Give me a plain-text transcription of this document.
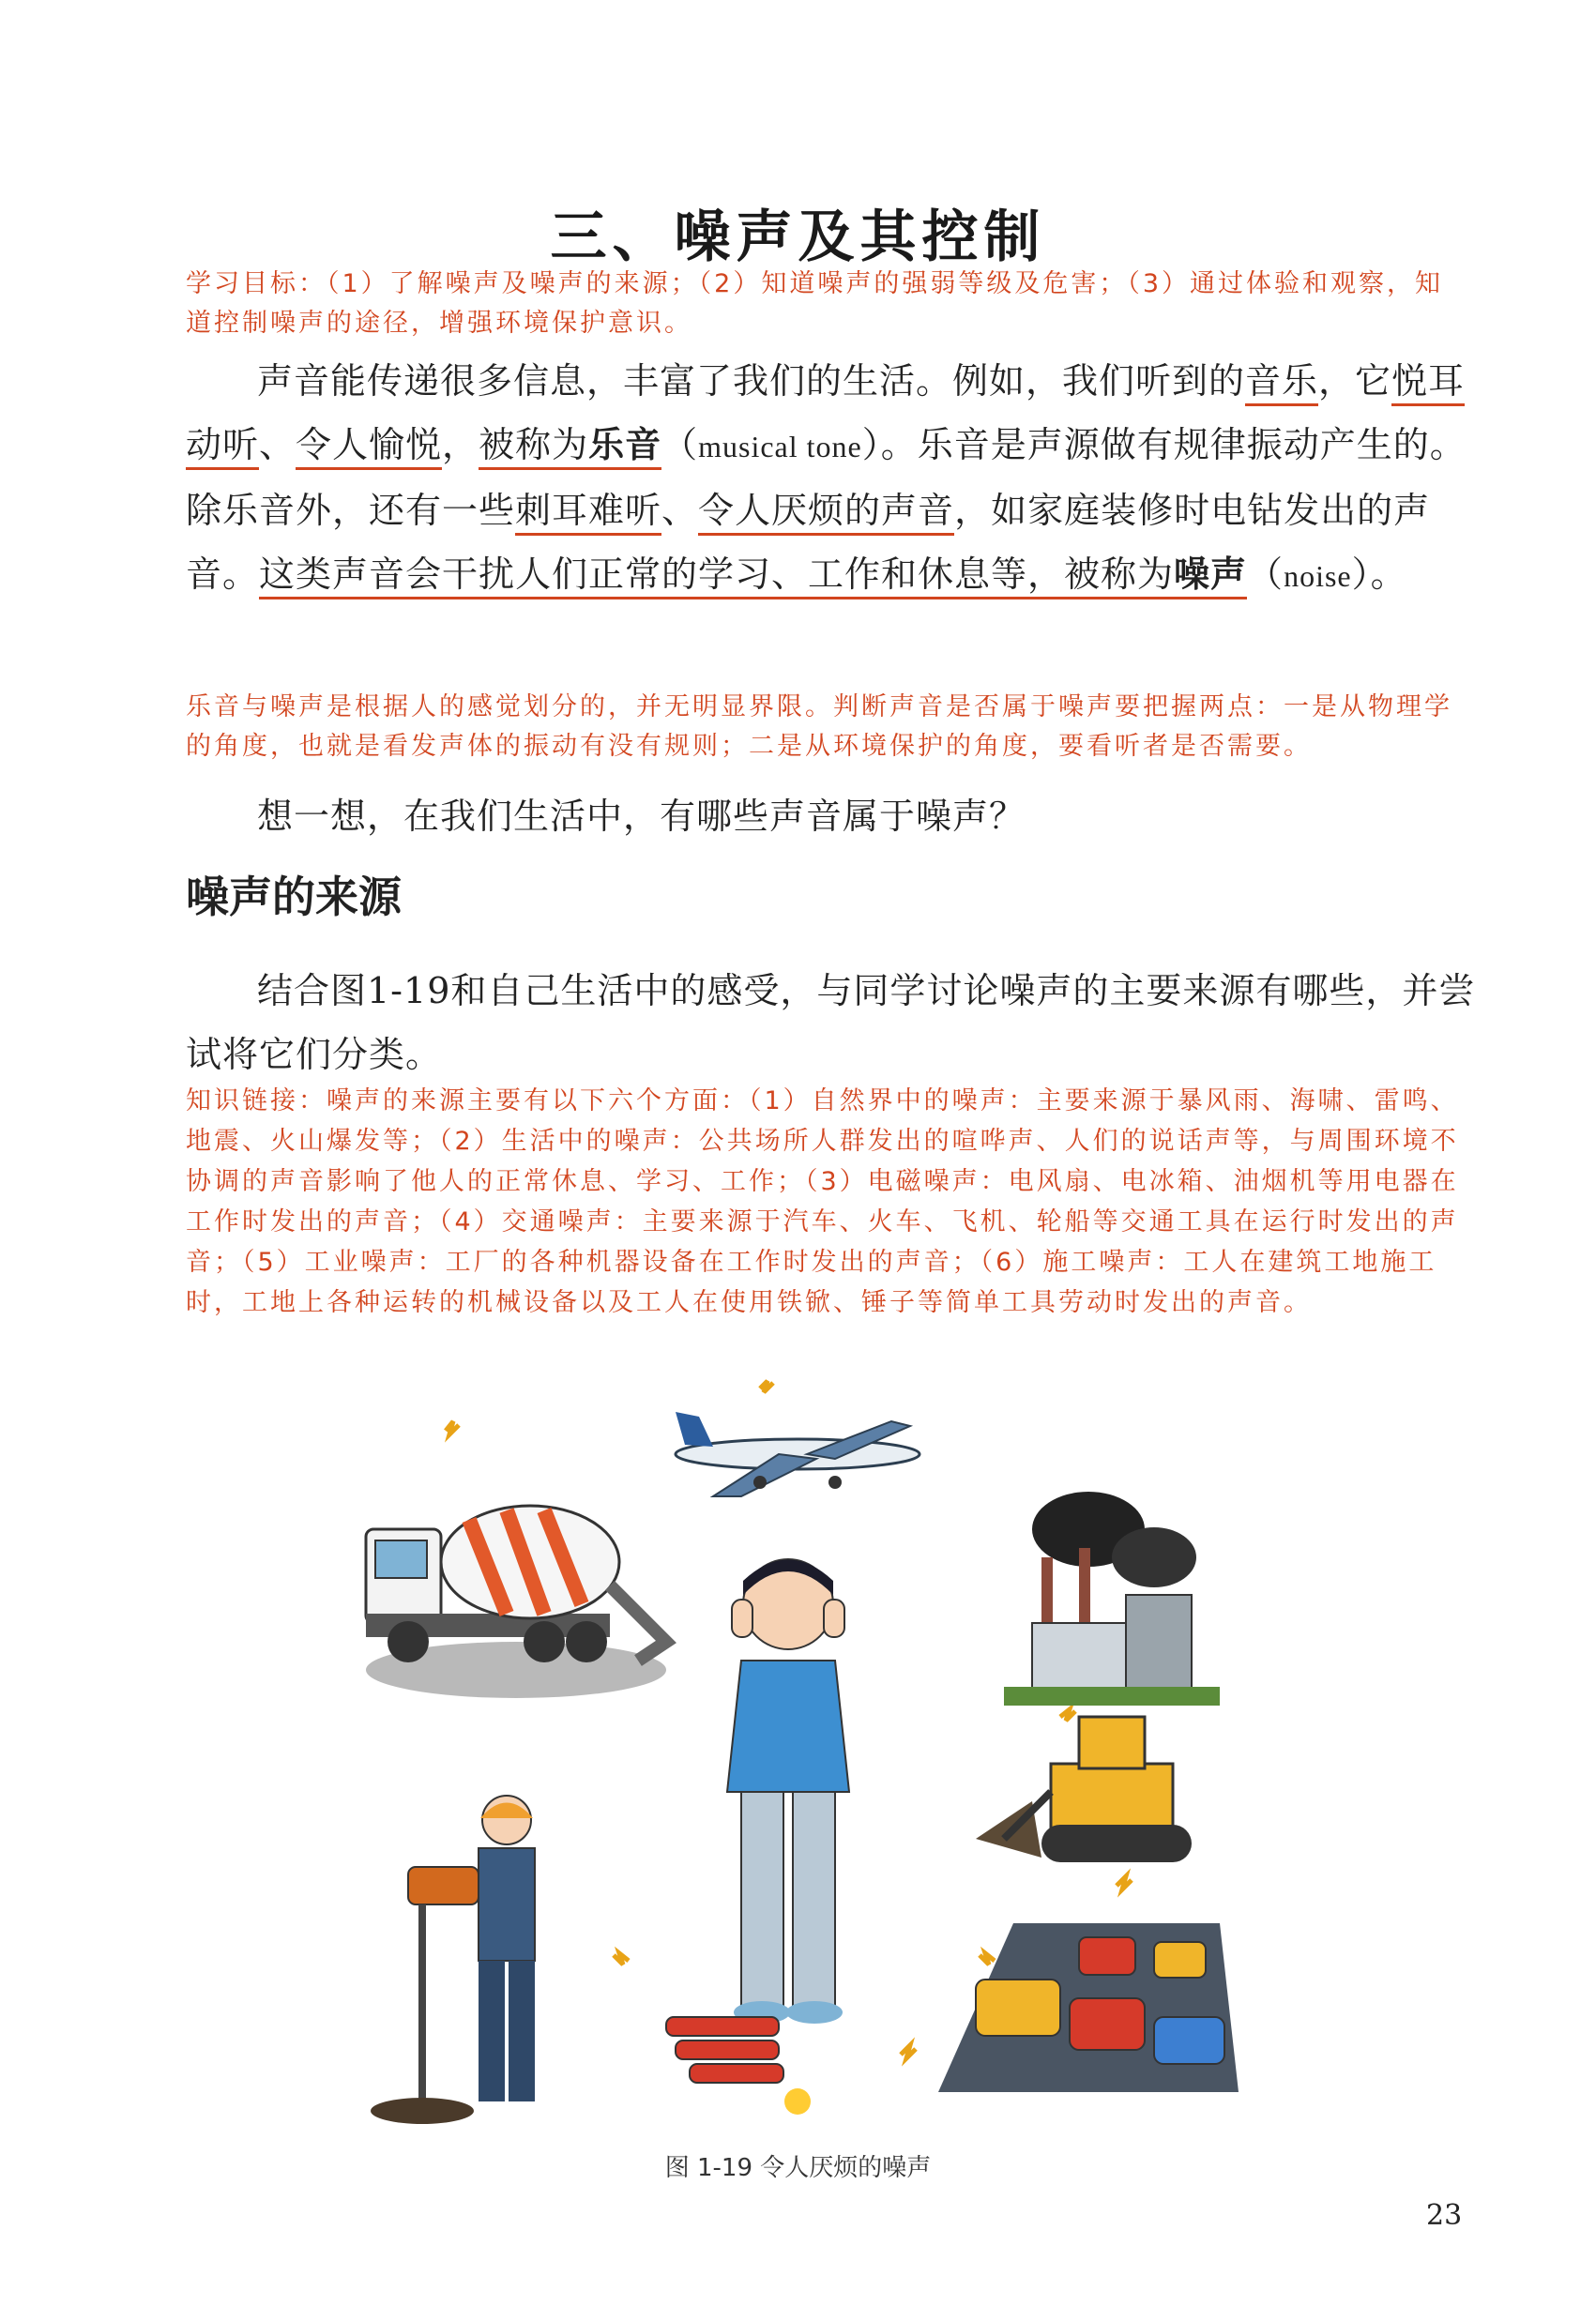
三、噪声及其控制
学习目标：（1）了解噪声及噪声的来源；（2）知道噪声的强弱等级及危害；（3）通过体验和观察，知道控制噪声的途径，增强环境保护意识。

声音能传递很多信息，丰富了我们的生活。例如，我们听到的音乐，它悦耳动听、令人愉悦，被称为乐音（musical tone）。乐音是声源做有规律振动产生的。除乐音外，还有一些刺耳难听、令人厌烦的声音，如家庭装修时电钻发出的声音。这类声音会干扰人们正常的学习、工作和休息等，被称为噪声（noise）。

乐音与噪声是根据人的感觉划分的，并无明显界限。判断声音是否属于噪声要把握两点：一是从物理学的角度，也就是看发声体的振动有没有规则；二是从环境保护的角度，要看听者是否需要。

想一想，在我们生活中，有哪些声音属于噪声？

噪声的来源

结合图1-19和自己生活中的感受，与同学讨论噪声的主要来源有哪些，并尝试将它们分类。

知识链接：噪声的来源主要有以下六个方面：（1）自然界中的噪声：主要来源于暴风雨、海啸、雷鸣、地震、火山爆发等；（2）生活中的噪声：公共场所人群发出的喧哗声、人们的说话声等，与周围环境不协调的声音影响了他人的正常休息、学习、工作；（3）电磁噪声：电风扇、电冰箱、油烟机等用电器在工作时发出的声音；（4）交通噪声：主要来源于汽车、火车、飞机、轮船等交通工具在运行时发出的声音；（5）工业噪声：工厂的各种机器设备在工作时发出的声音；（6）施工噪声：工人在建筑工地施工时，工地上各种运转的机械设备以及工人在使用铁锨、锤子等简单工具劳动时发出的声音。
图 1-19 令人厌烦的噪声
23
